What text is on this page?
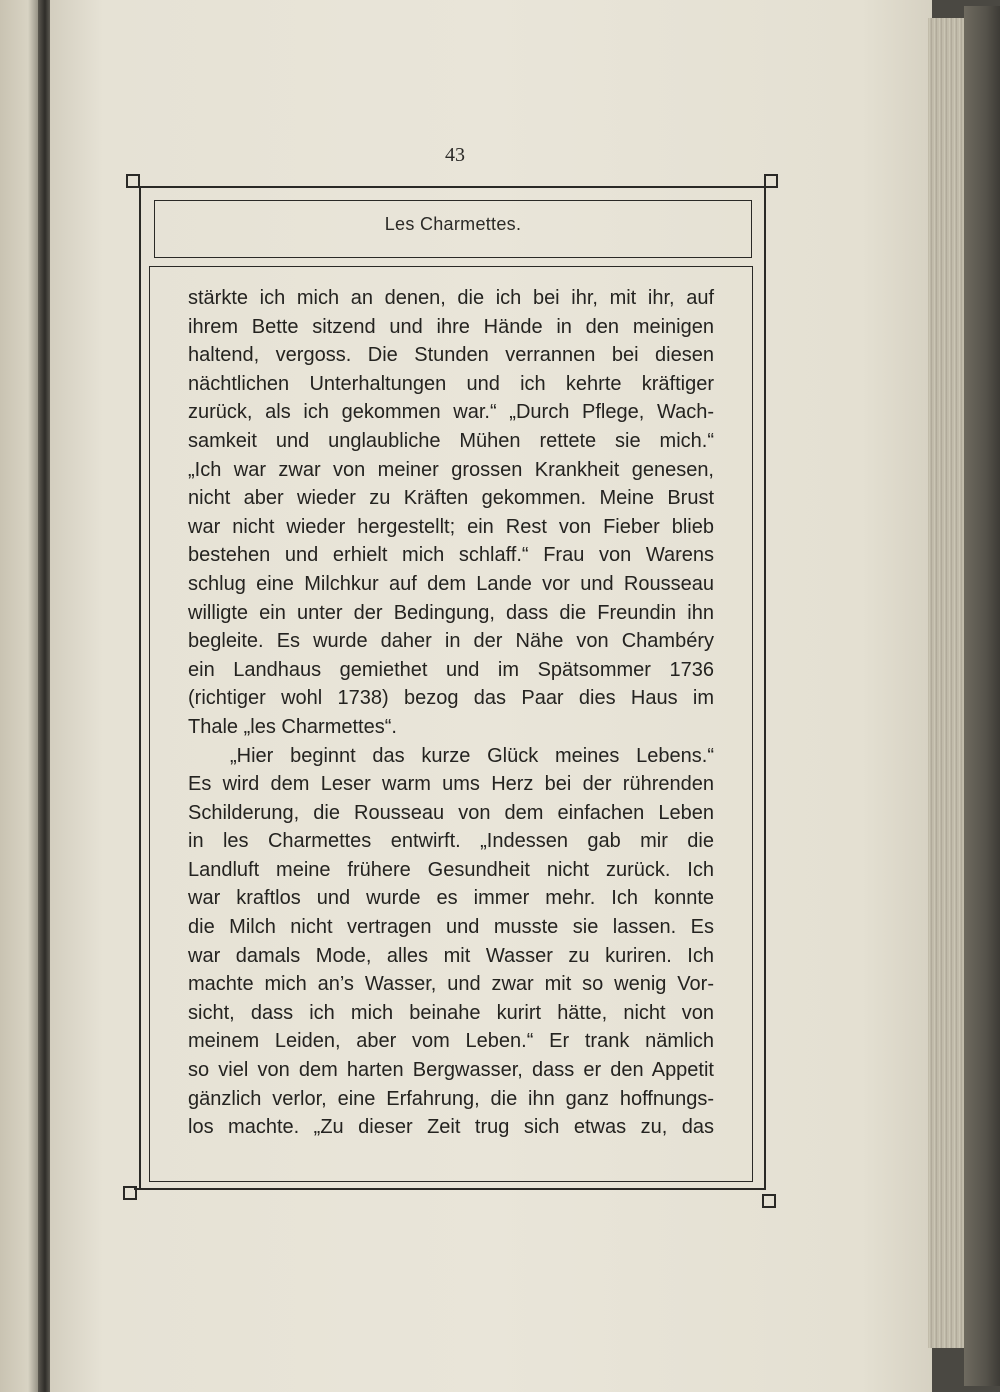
43
Les Charmettes.
stärkte ich mich an denen, die ich bei ihr, mit ihr, auf
ihrem Bette sitzend und ihre Hände in den meinigen
haltend, vergoss. Die Stunden verrannen bei diesen
nächtlichen Unterhaltungen und ich kehrte kräftiger
zurück, als ich gekommen war.“ „Durch Pflege, Wach-
samkeit und unglaubliche Mühen rettete sie mich.“
„Ich war zwar von meiner grossen Krankheit genesen,
nicht aber wieder zu Kräften gekommen. Meine Brust
war nicht wieder hergestellt; ein Rest von Fieber blieb
bestehen und erhielt mich schlaff.“ Frau von Warens
schlug eine Milchkur auf dem Lande vor und Rousseau
willigte ein unter der Bedingung, dass die Freundin ihn
begleite. Es wurde daher in der Nähe von Chambéry
ein Landhaus gemiethet und im Spätsommer 1736
(richtiger wohl 1738) bezog das Paar dies Haus im
Thale „les Charmettes“.
„Hier beginnt das kurze Glück meines Lebens.“
Es wird dem Leser warm ums Herz bei der rührenden
Schilderung, die Rousseau von dem einfachen Leben
in les Charmettes entwirft. „Indessen gab mir die
Landluft meine frühere Gesundheit nicht zurück. Ich
war kraftlos und wurde es immer mehr. Ich konnte
die Milch nicht vertragen und musste sie lassen. Es
war damals Mode, alles mit Wasser zu kuriren. Ich
machte mich an’s Wasser, und zwar mit so wenig Vor-
sicht, dass ich mich beinahe kurirt hätte, nicht von
meinem Leiden, aber vom Leben.“ Er trank nämlich
so viel von dem harten Bergwasser, dass er den Appetit
gänzlich verlor, eine Erfahrung, die ihn ganz hoffnungs-
los machte. „Zu dieser Zeit trug sich etwas zu, das
